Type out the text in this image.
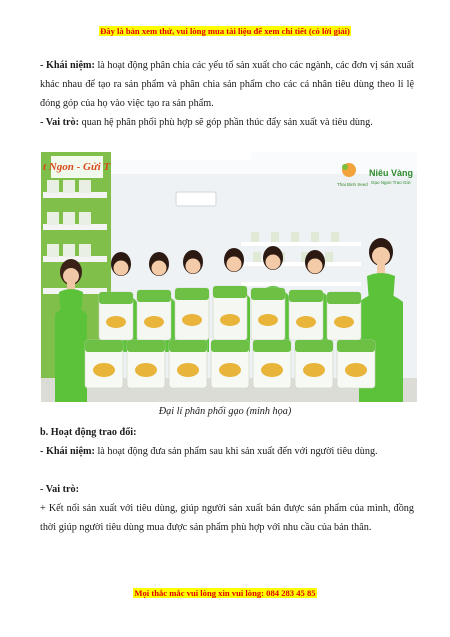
Đây là bản xem thử, vui lòng mua tài liệu để xem chi tiết (có lời giải)
- Khái niệm: là hoạt động phân chia các yếu tố sản xuất cho các ngành, các đơn vị sản xuất khác nhau để tạo ra sản phẩm và phân chia sản phẩm cho các cá nhân tiêu dùng theo lỉ lệ đóng góp của họ vào việc tạo ra sản phẩm.
- Vai trò: quan hệ phân phối phù hợp sẽ góp phần thúc đẩy sản xuất và tiêu dùng.
t Ngon - Gửi T
Thai Binh Seed
Niêu Vàng
Gạo Ngon Trao Gửi
Đại lí phân phối gạo (minh họa)
b. Hoạt động trao đổi:
- Khái niệm: là hoạt động đưa sản phẩm sau khi sản xuất đến với người tiêu dùng.
- Vai trò:
+ Kết nối sản xuất với tiêu dùng, giúp người sản xuất bán được sản phẩm của mình, đồng thời giúp người tiêu dùng mua được sản phẩm phù hợp với nhu cầu của bản thân.
Mọi thắc mắc vui lòng xin vui lòng: 084 283 45 85
